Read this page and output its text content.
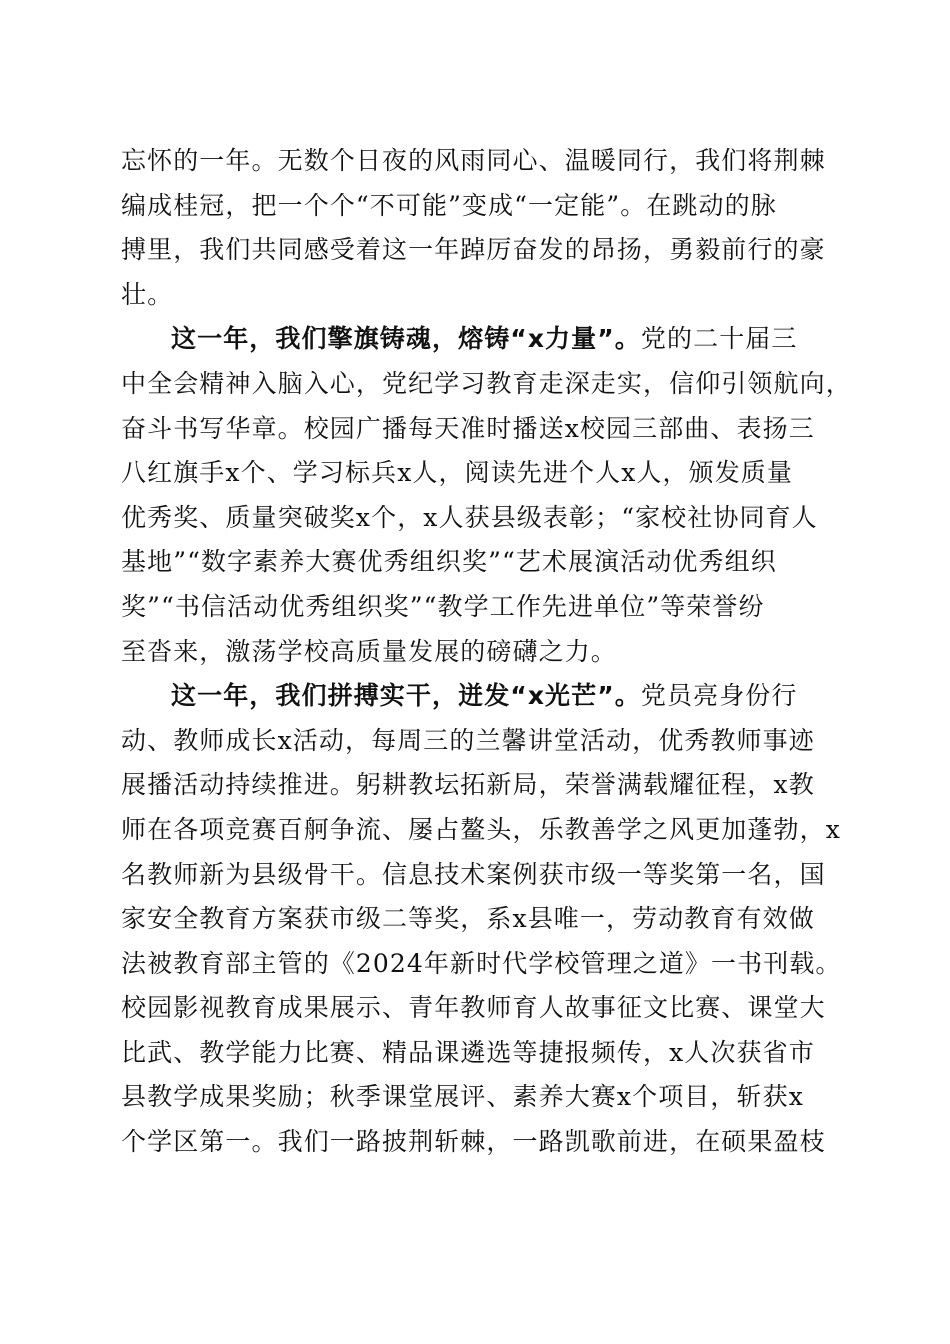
忘怀的一年。无数个日夜的风雨同心、温暖同行，我们将荆棘
编成桂冠，把一个个“不可能”变成“一定能”。在跳动的脉
搏里，我们共同感受着这一年踔厉奋发的昂扬，勇毅前行的豪
壮。
这一年，我们擎旗铸魂，熔铸“x力量”。党的二十届三
中全会精神入脑入心，党纪学习教育走深走实，信仰引领航向，
奋斗书写华章。校园广播每天准时播送x校园三部曲、表扬三
八红旗手x个、学习标兵x人，阅读先进个人x人，颁发质量
优秀奖、质量突破奖x个，x人获县级表彰；“家校社协同育人
基地”“数字素养大赛优秀组织奖”“艺术展演活动优秀组织
奖”“书信活动优秀组织奖”“教学工作先进单位”等荣誉纷
至沓来，激荡学校高质量发展的磅礴之力。
这一年，我们拼搏实干，迸发“x光芒”。党员亮身份行
动、教师成长x活动，每周三的兰馨讲堂活动，优秀教师事迹
展播活动持续推进。躬耕教坛拓新局，荣誉满载耀征程，x教
师在各项竞赛百舸争流、屡占鳌头，乐教善学之风更加蓬勃，x
名教师新为县级骨干。信息技术案例获市级一等奖第一名，国
家安全教育方案获市级二等奖，系x县唯一，劳动教育有效做
法被教育部主管的《2024年新时代学校管理之道》一书刊载。
校园影视教育成果展示、青年教师育人故事征文比赛、课堂大
比武、教学能力比赛、精品课遴选等捷报频传，x人次获省市
县教学成果奖励；秋季课堂展评、素养大赛x个项目，斩获x
个学区第一。我们一路披荆斩棘，一路凯歌前进，在硕果盈枝
